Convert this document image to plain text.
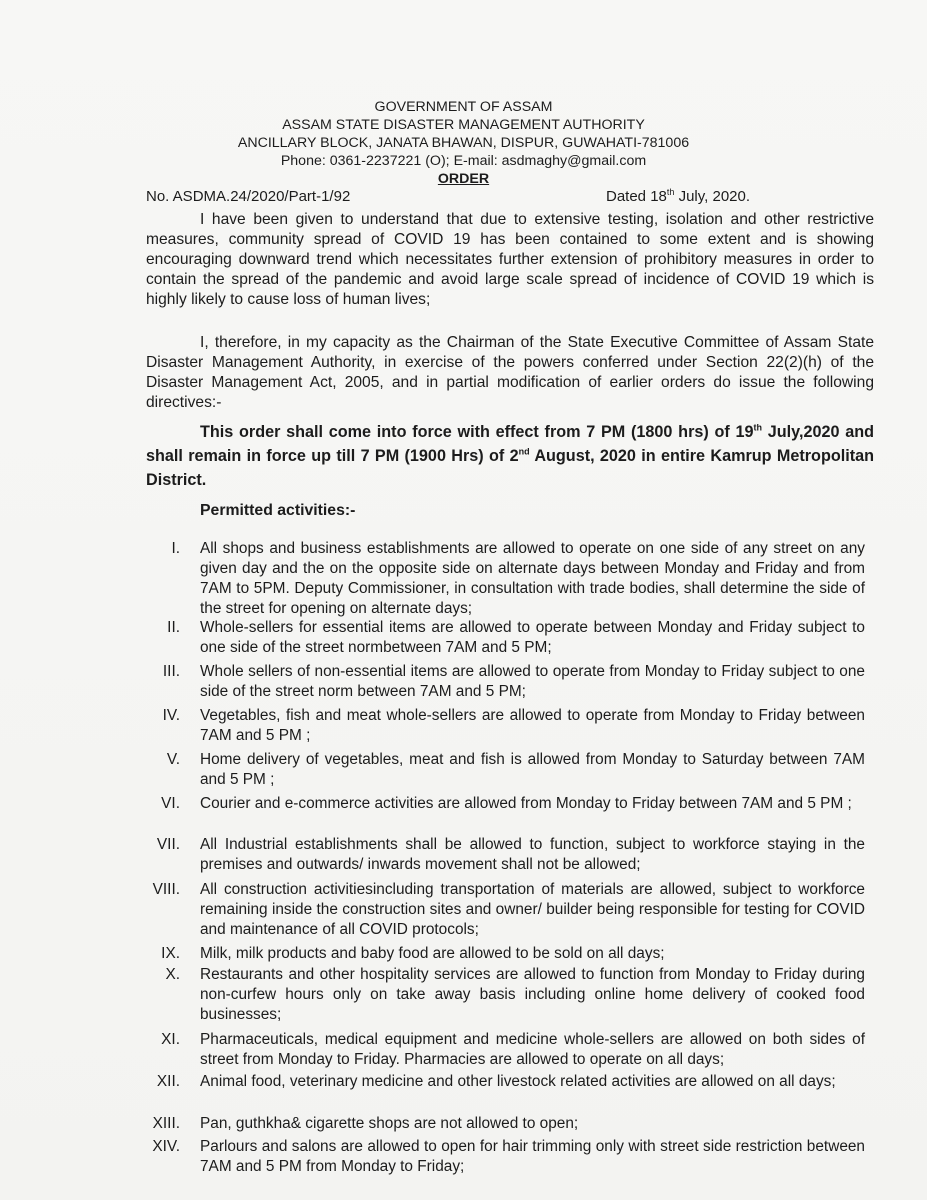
GOVERNMENT OF ASSAM
ASSAM STATE DISASTER MANAGEMENT AUTHORITY
ANCILLARY BLOCK, JANATA BHAWAN, DISPUR, GUWAHATI-781006
Phone: 0361-2237221 (O); E-mail: asdmaghy@gmail.com
ORDER
No. ASDMA.24/2020/Part-1/92	Dated 18th July, 2020.
I have been given to understand that due to extensive testing, isolation and other restrictive measures, community spread of COVID 19 has been contained to some extent and is showing encouraging downward trend which necessitates further extension of prohibitory measures in order to contain the spread of the pandemic and avoid large scale spread of incidence of COVID 19 which is highly likely to cause loss of human lives;
I, therefore, in my capacity as the Chairman of the State Executive Committee of Assam State Disaster Management Authority, in exercise of the powers conferred under Section 22(2)(h) of the Disaster Management Act, 2005, and in partial modification of earlier orders do issue the following directives:-
This order shall come into force with effect from 7 PM (1800 hrs) of 19th July,2020 and shall remain in force up till 7 PM (1900 Hrs) of 2nd August, 2020 in entire Kamrup Metropolitan District.
Permitted activities:-
I. All shops and business establishments are allowed to operate on one side of any street on any given day and the on the opposite side on alternate days between Monday and Friday and from 7AM to 5PM. Deputy Commissioner, in consultation with trade bodies, shall determine the side of the street for opening on alternate days;
II. Whole-sellers for essential items are allowed to operate between Monday and Friday subject to one side of the street normbetween 7AM and 5 PM;
III. Whole sellers of non-essential items are allowed to operate from Monday to Friday subject to one side of the street norm between 7AM and 5 PM;
IV. Vegetables, fish and meat whole-sellers are allowed to operate from Monday to Friday between 7AM and 5 PM ;
V. Home delivery of vegetables, meat and fish is allowed from Monday to Saturday between 7AM and 5 PM ;
VI. Courier and e-commerce activities are allowed from Monday to Friday between 7AM and 5 PM ;
VII. All Industrial establishments shall be allowed to function, subject to workforce staying in the premises and outwards/ inwards movement shall not be allowed;
VIII. All construction activitiesincluding transportation of materials are allowed, subject to workforce remaining inside the construction sites and owner/ builder being responsible for testing for COVID and maintenance of all COVID protocols;
IX. Milk, milk products and baby food are allowed to be sold on all days;
X. Restaurants and other hospitality services are allowed to function from Monday to Friday during non-curfew hours only on take away basis including online home delivery of cooked food businesses;
XI. Pharmaceuticals, medical equipment and medicine whole-sellers are allowed on both sides of street from Monday to Friday. Pharmacies are allowed to operate on all days;
XII. Animal food, veterinary medicine and other livestock related activities are allowed on all days;
XIII. Pan, guthkha& cigarette shops are not allowed to open;
XIV. Parlours and salons are allowed to open for hair trimming only with street side restriction between 7AM and 5 PM from Monday to Friday;
